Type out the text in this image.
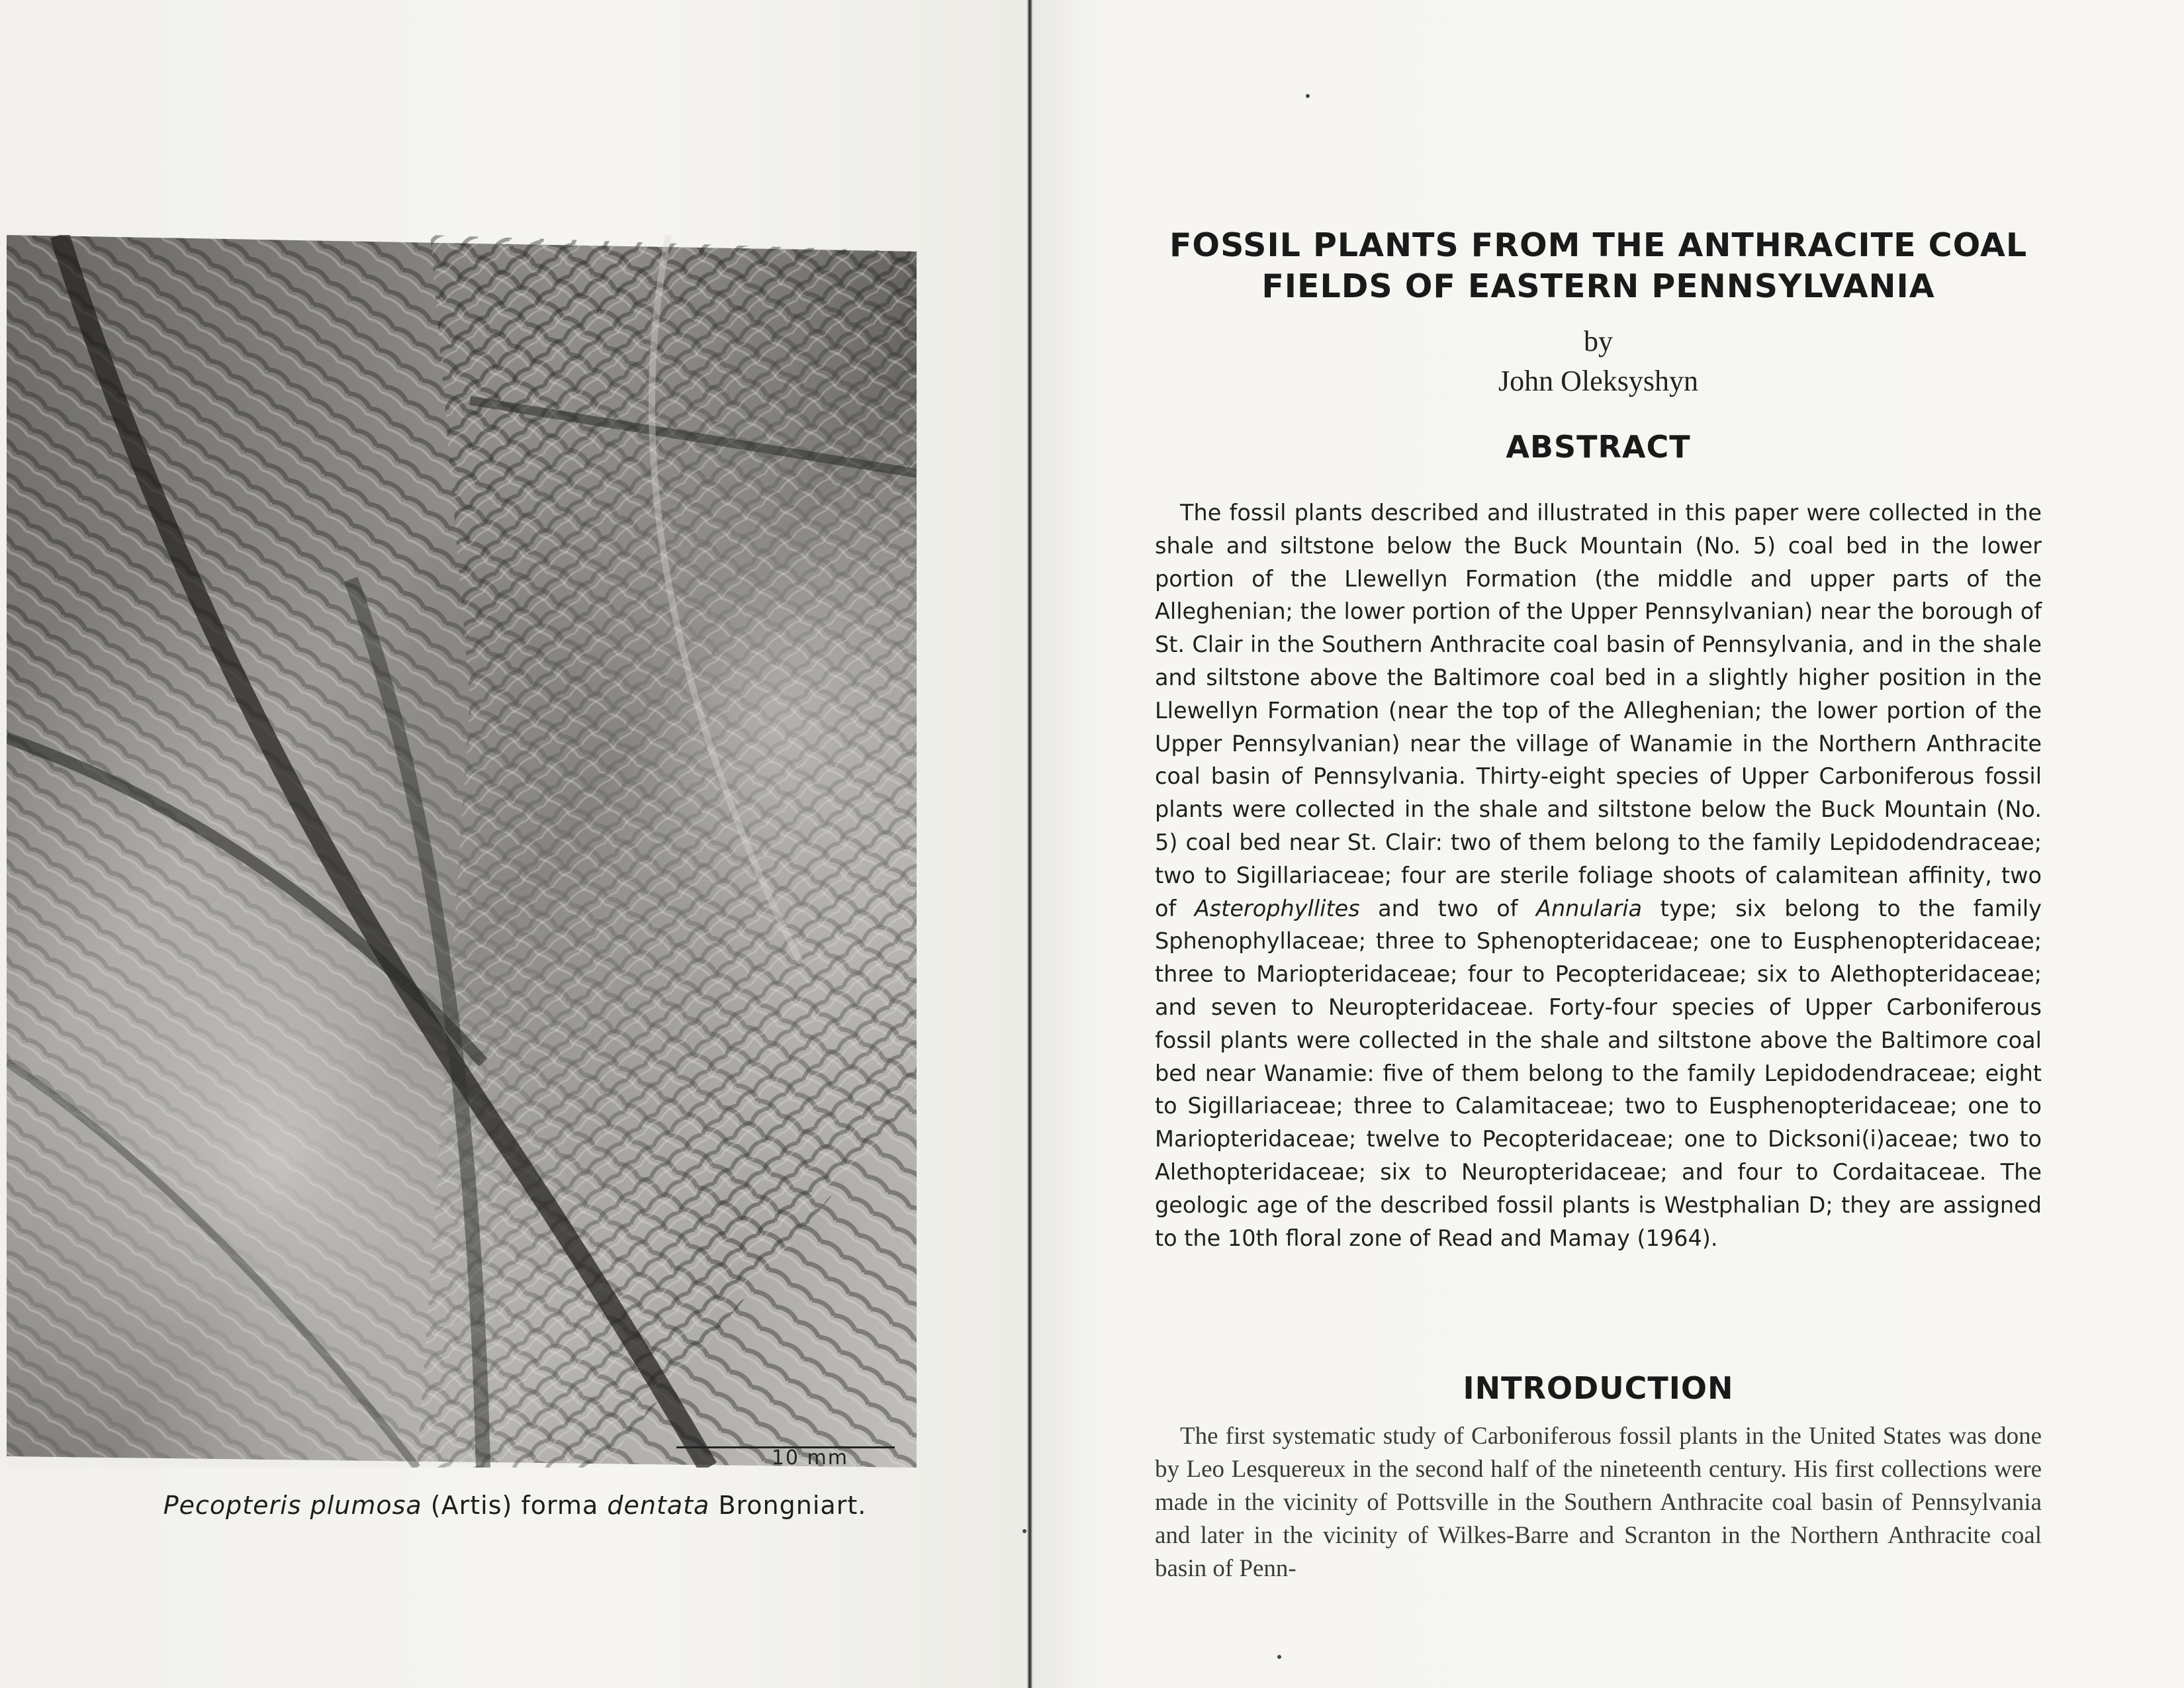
10 mm
Pecopteris plumosa (Artis) forma dentata Brongniart.
FOSSIL PLANTS FROM THE ANTHRACITE COAL
FIELDS OF EASTERN PENNSYLVANIA
by
John Oleksyshyn
ABSTRACT
The fossil plants described and illustrated in this paper were collected in the shale and siltstone below the Buck Mountain (No. 5) coal bed in the lower portion of the Llewellyn Formation (the middle and upper parts of the Alleghenian; the lower portion of the Upper Pennsylvanian) near the borough of St. Clair in the Southern Anthracite coal basin of Pennsylvania, and in the shale and siltstone above the Baltimore coal bed in a slightly higher position in the Llewellyn Formation (near the top of the Alleghenian; the lower portion of the Upper Pennsylvanian) near the village of Wanamie in the Northern Anthracite coal basin of Pennsylvania. Thirty-eight species of Upper Carboniferous fossil plants were collected in the shale and siltstone below the Buck Mountain (No. 5) coal bed near St. Clair: two of them belong to the family Lepidodendraceae; two to Sigillariaceae; four are sterile foliage shoots of calamitean affinity, two of Asterophyllites and two of Annularia type; six belong to the family Sphenophyllaceae; three to Sphenopteridaceae; one to Eusphenopteridaceae; three to Mariopteridaceae; four to Pecopteridaceae; six to Alethopteridaceae; and seven to Neuropteridaceae. Forty-four species of Upper Carboniferous fossil plants were collected in the shale and siltstone above the Baltimore coal bed near Wanamie: five of them belong to the family Lepidodendraceae; eight to Sigillariaceae; three to Calamitaceae; two to Eusphenopteridaceae; one to Mariopteridaceae; twelve to Pecopteridaceae; one to Dicksoni(i)aceae; two to Alethopteridaceae; six to Neuropteridaceae; and four to Cordaitaceae. The geologic age of the described fossil plants is Westphalian D; they are assigned to the 10th floral zone of Read and Mamay (1964).
INTRODUCTION
The first systematic study of Carboniferous fossil plants in the United States was done by Leo Lesquereux in the second half of the nineteenth century. His first collections were made in the vicinity of Pottsville in the Southern Anthracite coal basin of Pennsylvania and later in the vicinity of Wilkes-Barre and Scranton in the Northern Anthracite coal basin of Penn-
